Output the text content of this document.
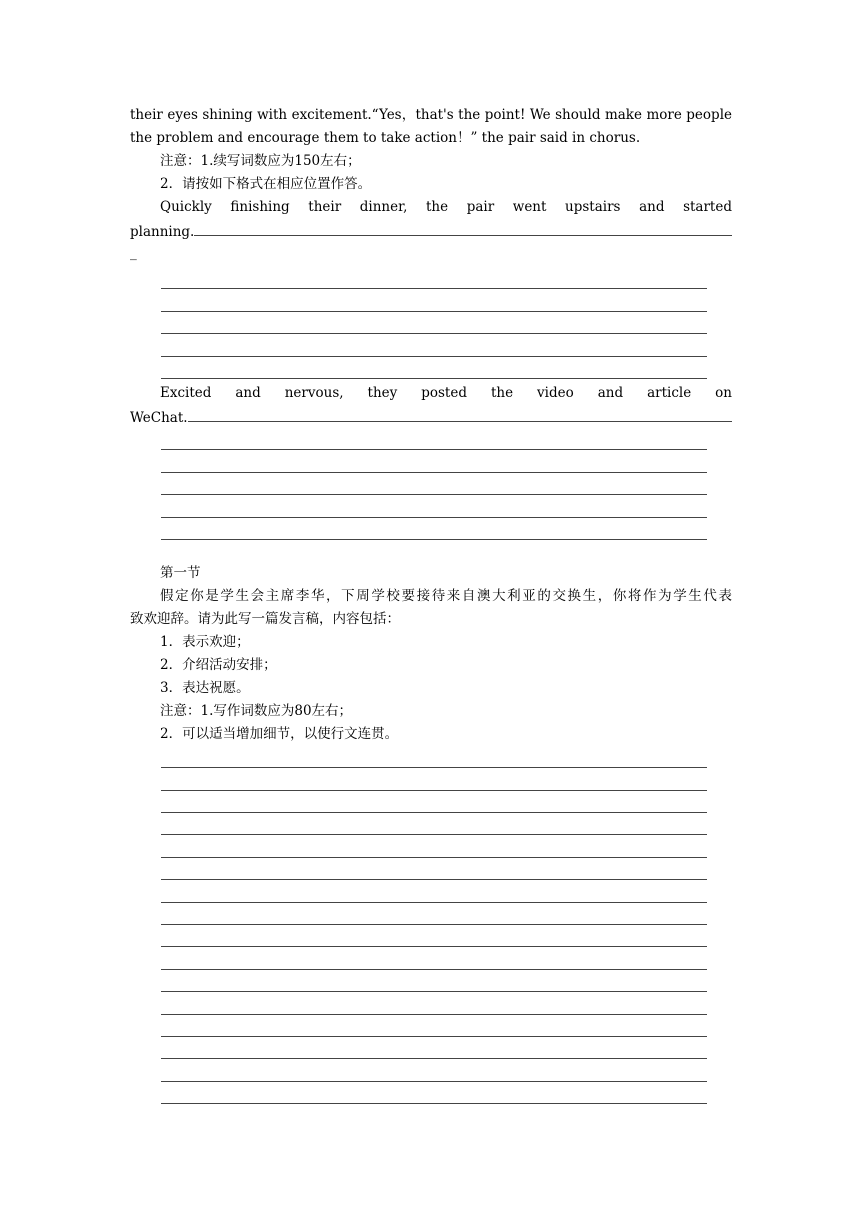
their eyes shining with excitement.“Yes，that's the point! We should make more people
the problem and encourage them to take action！” the pair said in chorus.
注意：1.续写词数应为150左右；
2．请按如下格式在相应位置作答。
Quickly finishing their dinner, the pair went upstairs and started
planning.
_
Excited and nervous, they posted the video and article on
WeChat.
第一节
假定你是学生会主席李华，下周学校要接待来自澳大利亚的交换生，你将作为学生代表
致欢迎辞。请为此写一篇发言稿，内容包括：
1．表示欢迎；
2．介绍活动安排；
3．表达祝愿。
注意：1.写作词数应为80左右；
2．可以适当增加细节，以使行文连贯。
